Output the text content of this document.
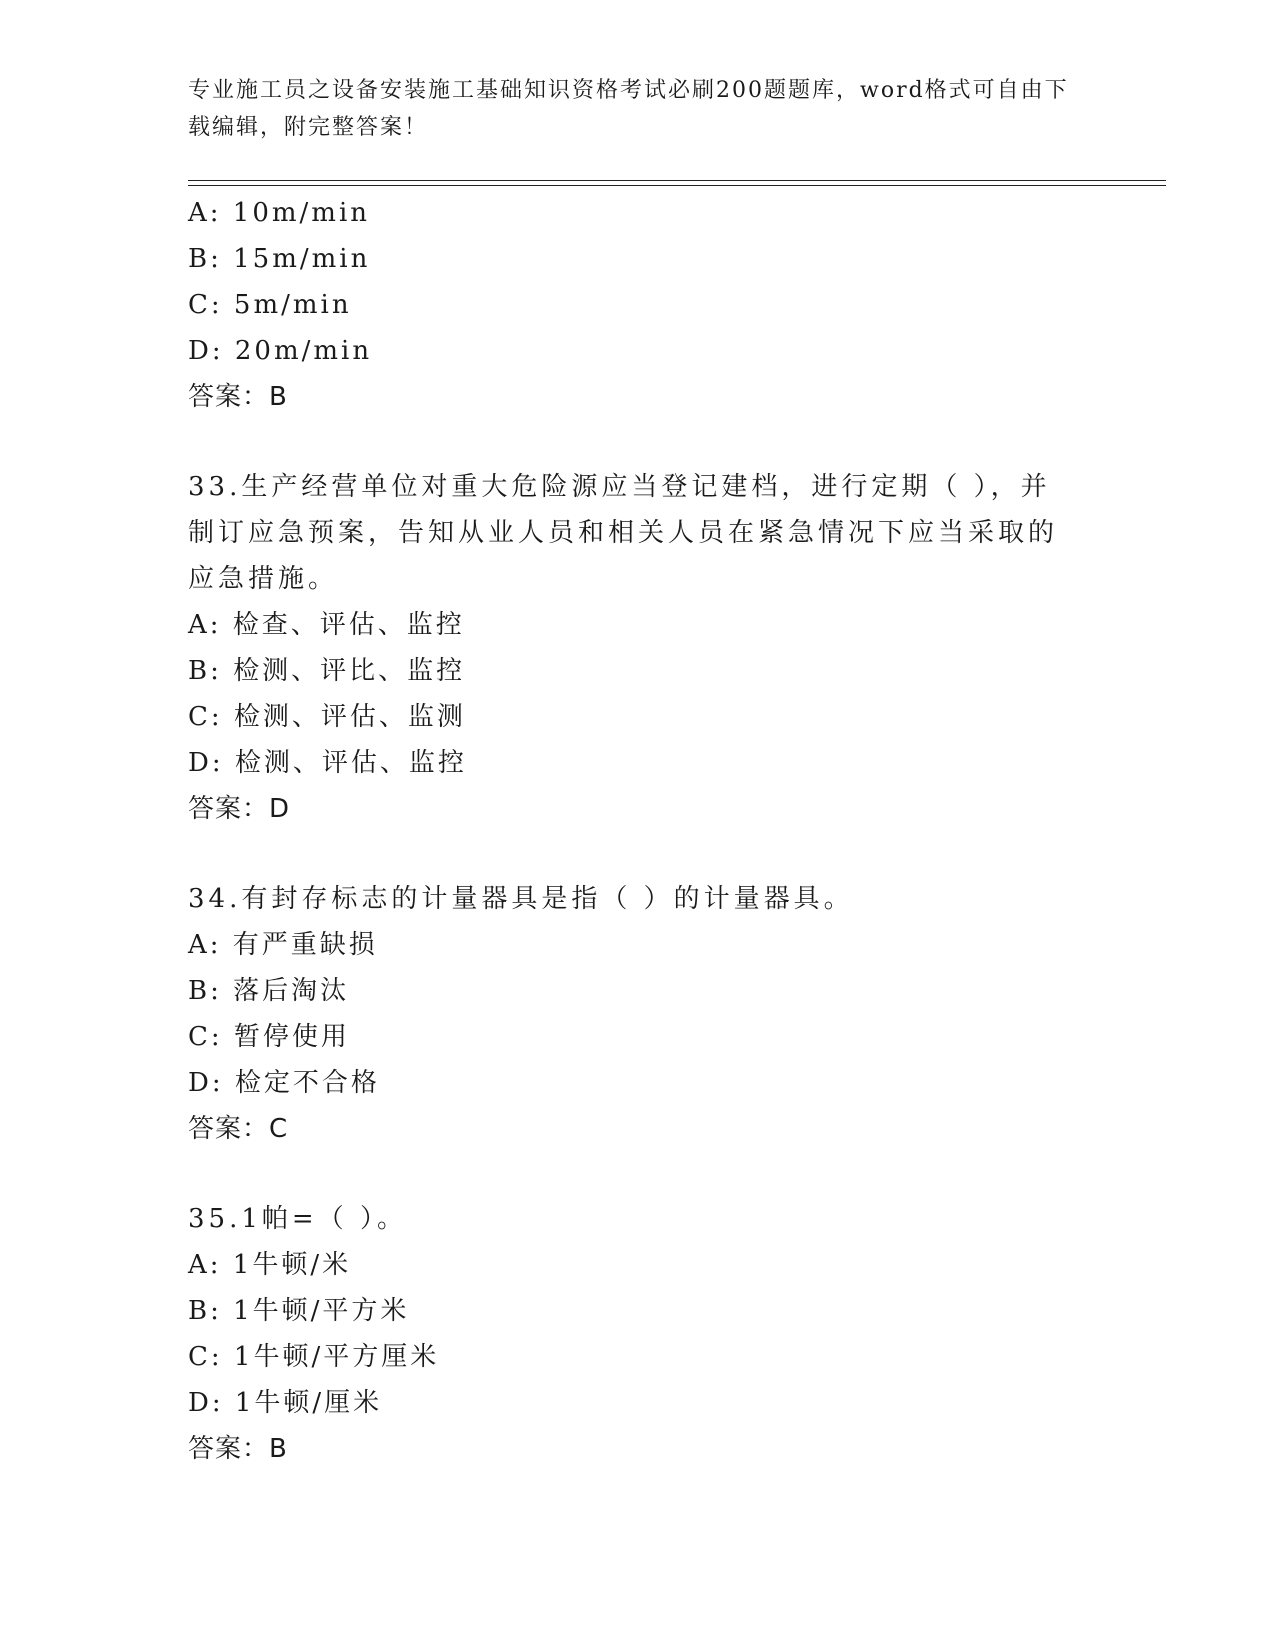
专业施工员之设备安装施工基础知识资格考试必刷200题题库，word格式可自由下载编辑，附完整答案！
A: 10m/min
B: 15m/min
C: 5m/min
D: 20m/min
答案：B
33.生产经营单位对重大危险源应当登记建档，进行定期（ ），并制订应急预案，告知从业人员和相关人员在紧急情况下应当采取的应急措施。
A: 检查、评估、监控
B: 检测、评比、监控
C: 检测、评估、监测
D: 检测、评估、监控
答案：D
34.有封存标志的计量器具是指（ ）的计量器具。
A: 有严重缺损
B: 落后淘汰
C: 暂停使用
D: 检定不合格
答案：C
35.1帕=（ ）。
A: 1牛顿/米
B: 1牛顿/平方米
C: 1牛顿/平方厘米
D: 1牛顿/厘米
答案：B
